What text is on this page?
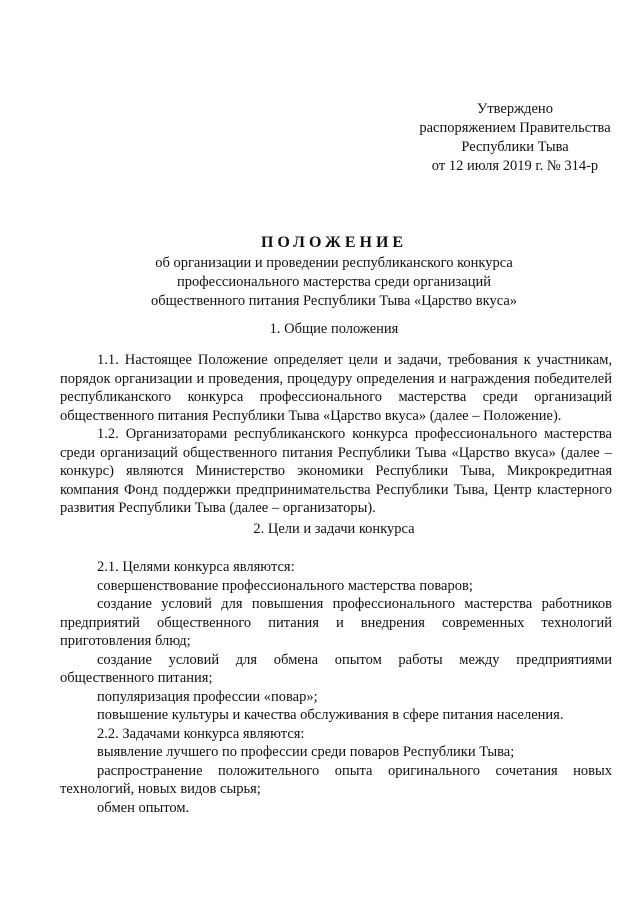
Утверждено
распоряжением Правительства
Республики Тыва
от 12 июля 2019 г. № 314-р
ПОЛОЖЕНИЕ
об организации и проведении республиканского конкурса
профессионального мастерства среди организаций
общественного питания Республики Тыва «Царство вкуса»
1. Общие положения

1.1. Настоящее Положение определяет цели и задачи, требования к участникам, порядок организации и проведения, процедуру определения и награждения победителей республиканского конкурса профессионального мастерства среди организаций общественного питания Республики Тыва «Царство вкуса» (далее – Положение).

1.2. Организаторами республиканского конкурса профессионального мастерства среди организаций общественного питания Республики Тыва «Царство вкуса» (далее – конкурс) являются Министерство экономики Республики Тыва, Микрокредитная компания Фонд поддержки предпринимательства Республики Тыва, Центр кластерного развития Республики Тыва (далее – организаторы).

2. Цели и задачи конкурса
2.1. Целями конкурса являются:
совершенствование профессионального мастерства поваров;
создание условий для повышения профессионального мастерства работников предприятий общественного питания и внедрения современных технологий приготовления блюд;
создание условий для обмена опытом работы между предприятиями общественного питания;
популяризация профессии «повар»;
повышение культуры и качества обслуживания в сфере питания населения.
2.2. Задачами конкурса являются:
выявление лучшего по профессии среди поваров Республики Тыва;
распространение положительного опыта оригинального сочетания новых технологий, новых видов сырья;
обмен опытом.
